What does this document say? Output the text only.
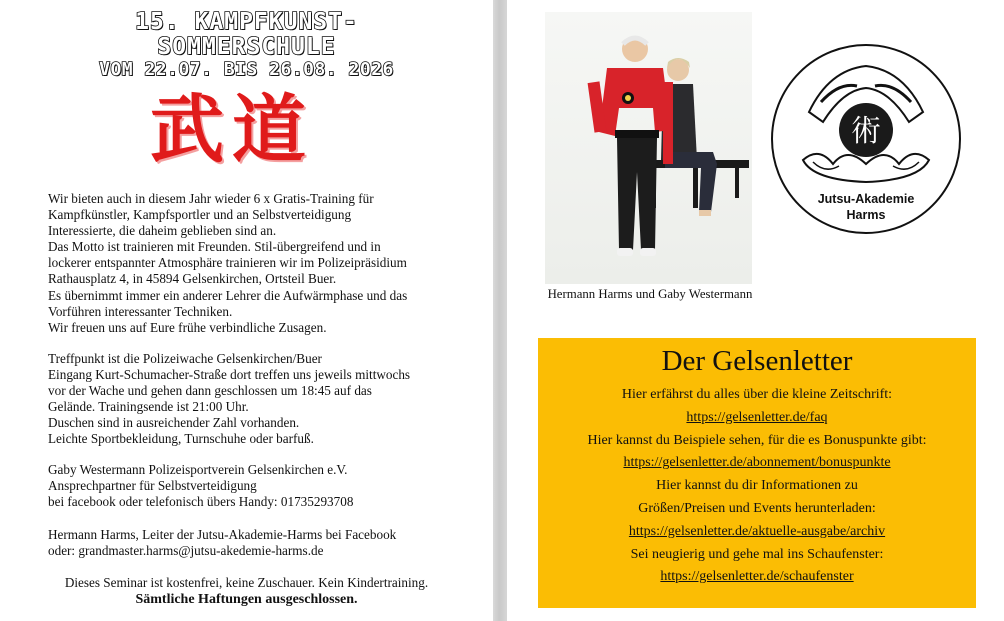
15. KAMPFKUNST-
SOMMERSCHULE
VOM 22.07. BIS 26.08. 2026
武道
Wir bieten auch in diesem Jahr wieder 6 x Gratis-Training für
Kampfkünstler, Kampfsportler und an Selbstverteidigung
Interessierte, die daheim geblieben sind an.
Das Motto ist trainieren mit Freunden. Stil-übergreifend und in
lockerer entspannter Atmosphäre trainieren wir im Polizeipräsidium
Rathausplatz 4, in 45894 Gelsenkirchen, Ortsteil Buer.
Es übernimmt immer ein anderer Lehrer die Aufwärmphase und das
Vorführen interessanter Techniken.
Wir freuen uns auf Eure frühe verbindliche Zusagen.
Treffpunkt ist die Polizeiwache Gelsenkirchen/Buer
Eingang Kurt-Schumacher-Straße dort treffen uns jeweils mittwochs
vor der Wache und gehen dann geschlossen um 18:45 auf das
Gelände. Trainingsende ist 21:00 Uhr.
Duschen sind in ausreichender Zahl vorhanden.
Leichte Sportbekleidung, Turnschuhe oder barfuß.
Gaby Westermann Polizeisportverein Gelsenkirchen e.V.
Ansprechpartner für Selbstverteidigung
bei facebook oder telefonisch übers Handy: 01735293708
Hermann Harms, Leiter der Jutsu-Akademie-Harms bei Facebook
oder: grandmaster.harms@jutsu-akedemie-harms.de
Dieses Seminar ist kostenfrei, keine Zuschauer. Kein Kindertraining.
Sämtliche Haftungen ausgeschlossen.
Hermann Harms und Gaby Westermann
術
Jutsu-Akademie
Harms
Der Gelsenletter
Hier erfährst du alles über die kleine Zeitschrift:
https://gelsenletter.de/faq
Hier kannst du Beispiele sehen, für die es Bonuspunkte gibt:
https://gelsenletter.de/abonnement/bonuspunkte
Hier kannst du dir Informationen zu
Größen/Preisen und Events herunterladen:
https://gelsenletter.de/aktuelle-ausgabe/archiv
Sei neugierig und gehe mal ins Schaufenster:
https://gelsenletter.de/schaufenster
